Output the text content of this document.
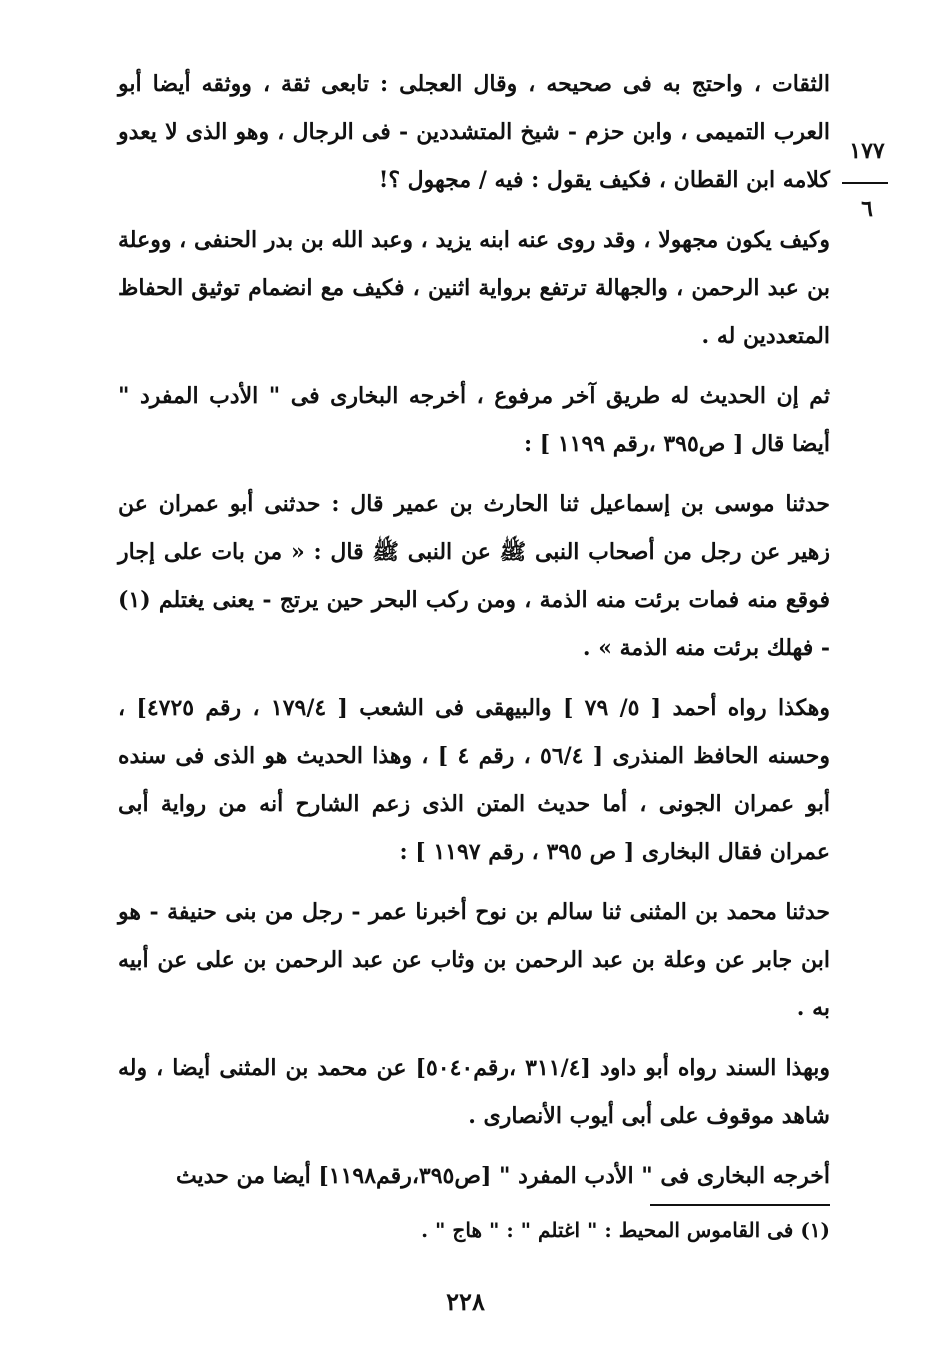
الثقات ، واحتج به فى صحيحه ، وقال العجلى : تابعى ثقة ، ووثقه أيضا أبو العرب التميمى ، وابن حزم - شيخ المتشددين - فى الرجال ، وهو الذى لا يعدو كلامه ابن القطان ، فكيف يقول : فيه / مجهول ؟!

وكيف يكون مجهولا ، وقد روى عنه ابنه يزيد ، وعبد الله بن بدر الحنفى ، ووعلة بن عبد الرحمن ، والجهالة ترتفع برواية اثنين ، فكيف مع انضمام توثيق الحفاظ المتعددين له .

ثم إن الحديث له طريق آخر مرفوع ، أخرجه البخارى فى " الأدب المفرد " أيضا قال [ ص٣٩٥ ،رقم ١١٩٩ ] :

حدثنا موسى بن إسماعيل ثنا الحارث بن عمير قال : حدثنى أبو عمران عن زهير عن رجل من أصحاب النبى ﷺ عن النبى ﷺ قال : « من بات على إجار فوقع منه فمات برئت منه الذمة ، ومن ركب البحر حين يرتج - يعنى يغتلم (١) - فهلك برئت منه الذمة » .

وهكذا رواه أحمد [ ٥/ ٧٩ ] والبيهقى فى الشعب [ ١٧٩/٤ ، رقم ٤٧٢٥] ، وحسنه الحافظ المنذرى [ ٥٦/٤ ، رقم ٤ ] ، وهذا الحديث هو الذى فى سنده أبو عمران الجونى ، أما حديث المتن الذى زعم الشارح أنه من رواية أبى عمران فقال البخارى [ ص ٣٩٥ ، رقم ١١٩٧ ] :

حدثنا محمد بن المثنى ثنا سالم بن نوح أخبرنا عمر - رجل من بنى حنيفة - هو ابن جابر عن وعلة بن عبد الرحمن بن وثاب عن عبد الرحمن بن على عن أبيه به .

وبهذا السند رواه أبو داود [٣١١/٤ ،رقم٥٠٤٠] عن محمد بن المثنى أيضا ، وله شاهد موقوف على أبى أيوب الأنصارى .

أخرجه البخارى فى " الأدب المفرد " [ص٣٩٥،رقم١١٩٨] أيضا من حديث

١٧٧
٦
(١) فى القاموس المحيط : " اغتلم " : " هاج " .
٢٢٨
